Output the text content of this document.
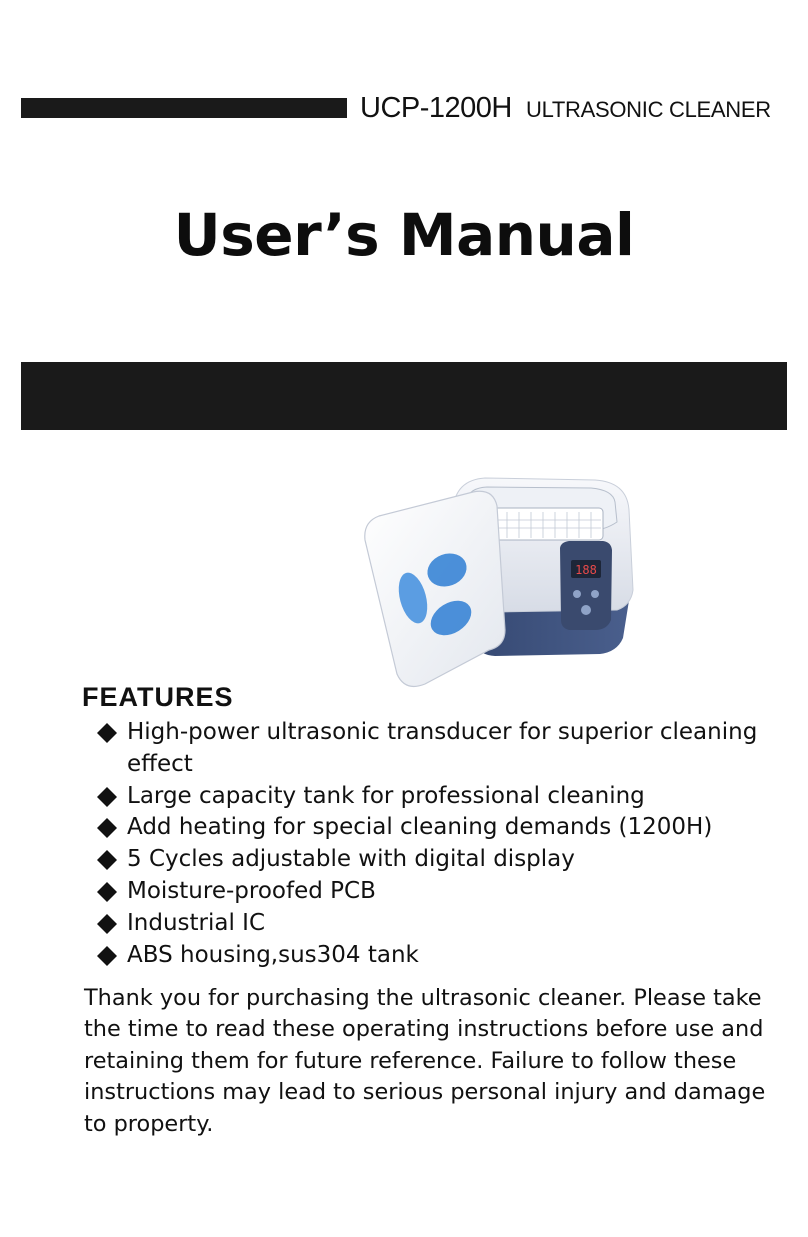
UCP-1200H ULTRASONIC CLEANER
User’s Manual
188
FEATURES
High-power ultrasonic transducer for superior cleaning effect
Large capacity tank for professional cleaning
Add heating for special cleaning demands (1200H)
5 Cycles adjustable with digital display
Moisture-proofed PCB
Industrial IC
ABS housing,sus304 tank

Thank you for purchasing the ultrasonic cleaner. Please take the time to read these operating instructions before use and retaining them for future reference. Failure to follow these instructions may lead to serious personal injury and damage to property.
